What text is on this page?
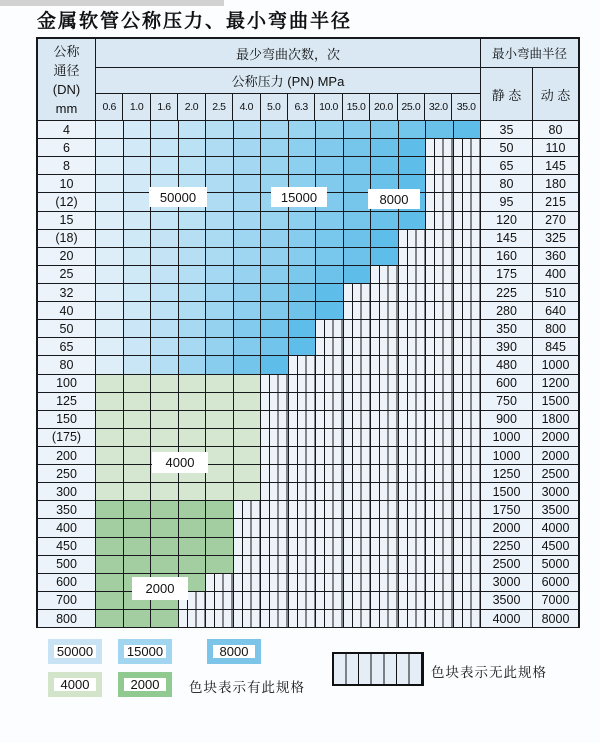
金属软管公称压力、最小弯曲半径
公称
通径
(DN)
mm
最少弯曲次数，次	最小弯曲半径
公称压力 (PN) MPa
0.6	1.0	1.6	2.0	2.5	4.0	5.0	6.3	10.0 15.0 20.0 25.0 32.0 35.0
静 态	动 态
4	35	80
6	50	110
8	65	145
10	80	180
(12)	95	215
15	120	270
(18)	145	325
20	160	360
25	175	400
32	225	510
40	280	640
50	350	800
65	390	845
80	480	1000
100	600	1200
125	750	1500
150	900	1800
(175)	1000	2000
200	1000	2000
250	1250	2500
300	1500	3000
350	1750	3500
400	2000	4000
450	2250	4500
500	2500	5000
600	3000	6000
700	3500	7000
800	4000	8000
50000	15000	8000
4000
2000
50000	15000	8000
4000	2000	色块表示有此规格
色块表示无此规格
